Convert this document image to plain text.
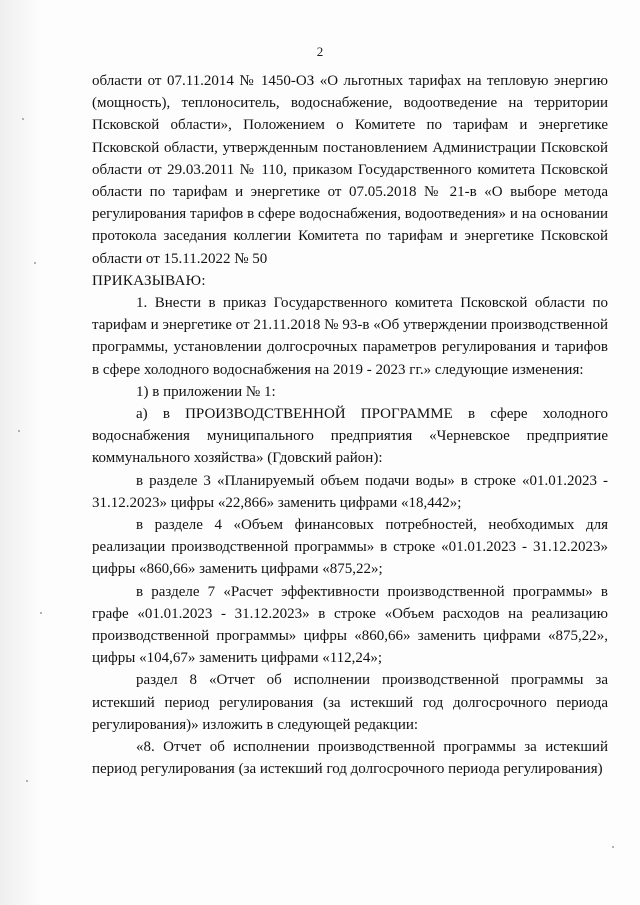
2

области от 07.11.2014 № 1450-ОЗ «О льготных тарифах на тепловую энергию (мощность), теплоноситель, водоснабжение, водоотведение на территории Псковской области», Положением о Комитете по тарифам и энергетике Псковской области, утвержденным постановлением Администрации Псковской области от 29.03.2011 № 110, приказом Государственного комитета Псковской области по тарифам и энергетике от 07.05.2018 № 21-в «О выборе метода регулирования тарифов в сфере водоснабжения, водоотведения» и на основании протокола заседания коллегии Комитета по тарифам и энергетике Псковской области от 15.11.2022 № 50

ПРИКАЗЫВАЮ:

1. Внести в приказ Государственного комитета Псковской области по тарифам и энергетике от 21.11.2018 № 93-в «Об утверждении производственной программы, установлении долгосрочных параметров регулирования и тарифов в сфере холодного водоснабжения на 2019 - 2023 гг.» следующие изменения:

1) в приложении № 1:

а) в ПРОИЗВОДСТВЕННОЙ ПРОГРАММЕ в сфере холодного водоснабжения муниципального предприятия «Черневское предприятие коммунального хозяйства» (Гдовский район):

в разделе 3 «Планируемый объем подачи воды» в строке «01.01.2023 - 31.12.2023» цифры «22,866» заменить цифрами «18,442»;

в разделе 4 «Объем финансовых потребностей, необходимых для реализации производственной программы» в строке «01.01.2023 - 31.12.2023» цифры «860,66» заменить цифрами «875,22»;

в разделе 7 «Расчет эффективности производственной программы» в графе «01.01.2023 - 31.12.2023» в строке «Объем расходов на реализацию производственной программы» цифры «860,66» заменить цифрами «875,22», цифры «104,67» заменить цифрами «112,24»;

раздел 8 «Отчет об исполнении производственной программы за истекший период регулирования (за истекший год долгосрочного периода регулирования)» изложить в следующей редакции:

«8. Отчет об исполнении производственной программы за истекший период регулирования (за истекший год долгосрочного периода регулирования)
